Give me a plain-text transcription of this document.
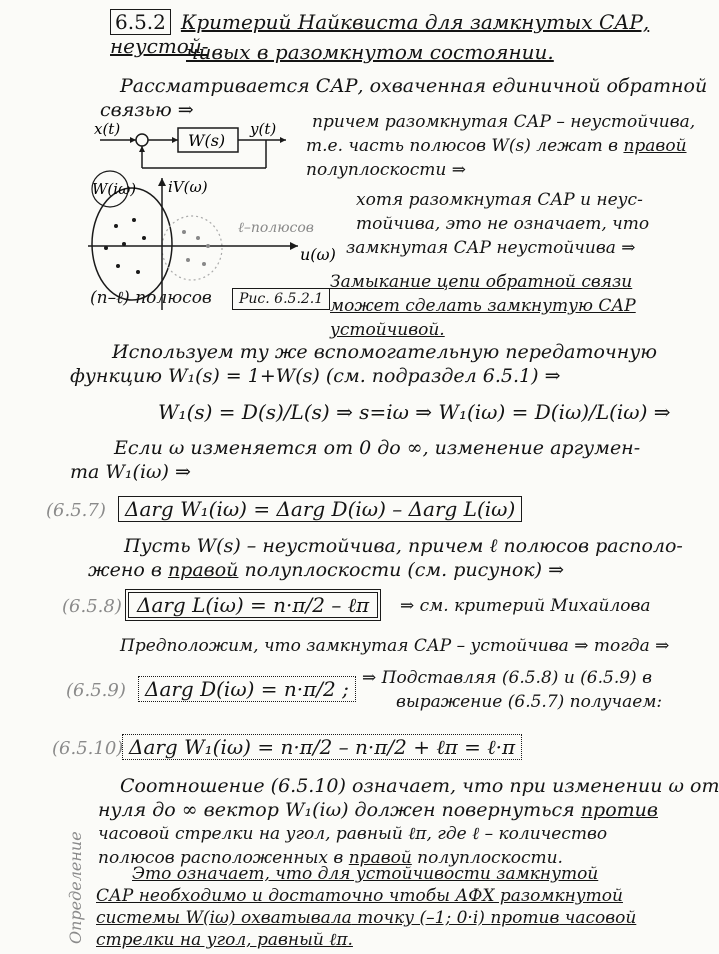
6.5.2 Критерий Найквиста для замкнутых САР, неустой-
чивых в разомкнутом состоянии.
Рассматривается САР, охваченная единичной обратной
связью ⇒
x(t)
W(s)
y(t) причем разомкнутая САР – неустойчива,
т.е. часть полюсов W(s) лежат в правой
полуплоскости ⇒
W(iω) iV(ω)
u(ω)
ℓ–полюсов
(n–ℓ) полюсов	Рис. 6.5.2.1
хотя разомкнутая САР и неус-
тойчива, это не означает, что
замкнутая САР неустойчива ⇒
Замыкание цепи обратной связи
может сделать замкнутую САР
устойчивой.
Используем ту же вспомогательную передаточную
функцию W₁(s) = 1+W(s) (см. подраздел 6.5.1) ⇒
W₁(s) = D(s)/L(s) ⇒ s=iω ⇒ W₁(iω) = D(iω)/L(iω) ⇒
Если ω изменяется от 0 до ∞, изменение аргумен-
та W₁(iω) ⇒
(6.5.7) Δarg W₁(iω) = Δarg D(iω) – Δarg L(iω)
Пусть W(s) – неустойчива, причем ℓ полюсов располо-
жено в правой полуплоскости (см. рисунок) ⇒
(6.5.8) Δarg L(iω) = n·π/2 – ℓπ	⇒ см. критерий Михайлова
Предположим, что замкнутая САР – устойчива ⇒ тогда ⇒
(6.5.9) Δarg D(iω) = n·π/2 ; ⇒ Подставляя (6.5.8) и (6.5.9) в
выражение (6.5.7) получаем:
(6.5.10) Δarg W₁(iω) = n·π/2 – n·π/2 + ℓπ = ℓ·π
Соотношение (6.5.10) означает, что при изменении ω от
нуля до ∞ вектор W₁(iω) должен повернуться против
часовой стрелки на угол, равный ℓπ, где ℓ – количество
полюсов расположенных в правой полуплоскости.
Определение	Это означает, что для устойчивости замкнутой
САР необходимо и достаточно чтобы АФХ разомкнутой
системы W(iω) охватывала точку (–1; 0·i) против часовой
стрелки на угол, равный ℓπ.
